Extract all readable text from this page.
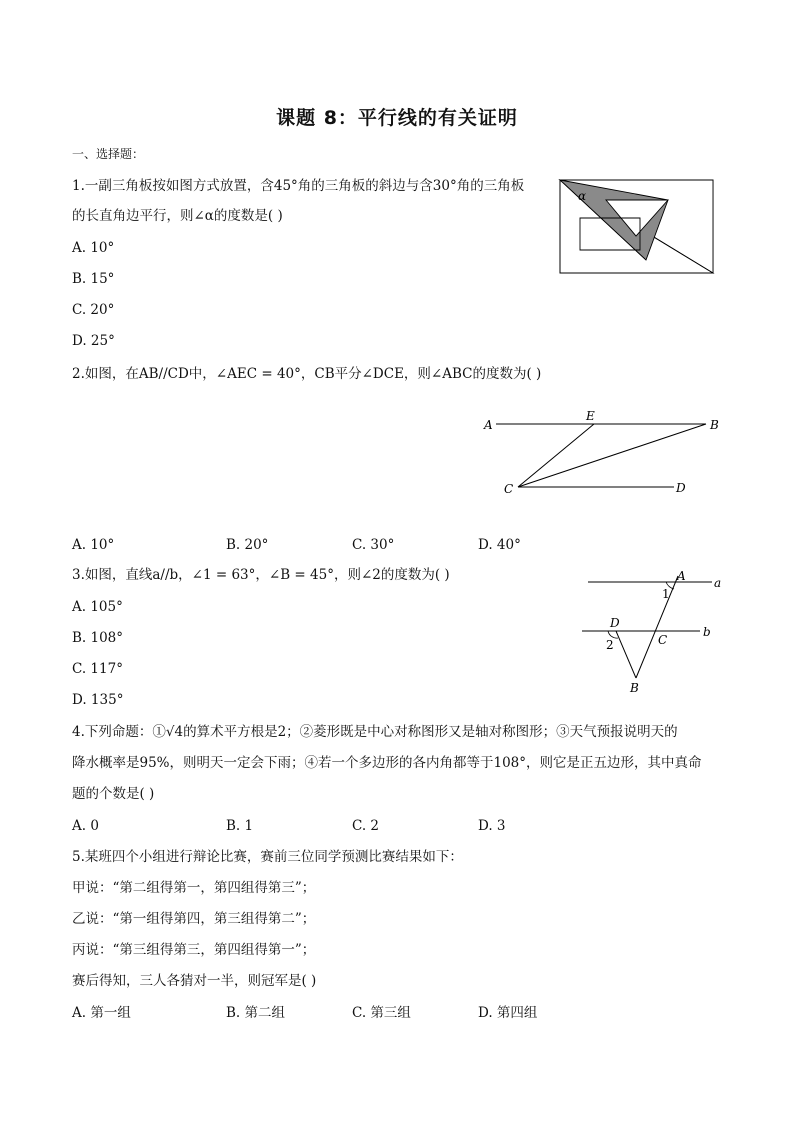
课题 8：平行线的有关证明
一、选择题：
1.一副三角板按如图方式放置，含45°角的三角板的斜边与含30°角的三角板
的长直角边平行，则∠α的度数是( )
A. 10°
B. 15°
C. 20°
D. 25°
α
2.如图，在AB//CD中，∠AEC = 40°，CB平分∠DCE，则∠ABC的度数为( )
A
E
B
C	D
A. 10°	B. 20°	C. 30°	D. 40°
3.如图，直线a//b，∠1 = 63°，∠B = 45°，则∠2的度数为( )
A. 105°
B. 108°
C. 117°
D. 135°
A a
1
D
C
b
2
B
4.下列命题：①√4的算术平方根是2；②菱形既是中心对称图形又是轴对称图形；③天气预报说明天的
降水概率是95%，则明天一定会下雨；④若一个多边形的各内角都等于108°，则它是正五边形，其中真命
题的个数是( )
A. 0	B. 1	C. 2	D. 3
5.某班四个小组进行辩论比赛，赛前三位同学预测比赛结果如下：
甲说：“第二组得第一，第四组得第三”；
乙说：“第一组得第四，第三组得第二”；
丙说：“第三组得第三，第四组得第一”；
赛后得知，三人各猜对一半，则冠军是( )
A. 第一组	B. 第二组	C. 第三组	D. 第四组
